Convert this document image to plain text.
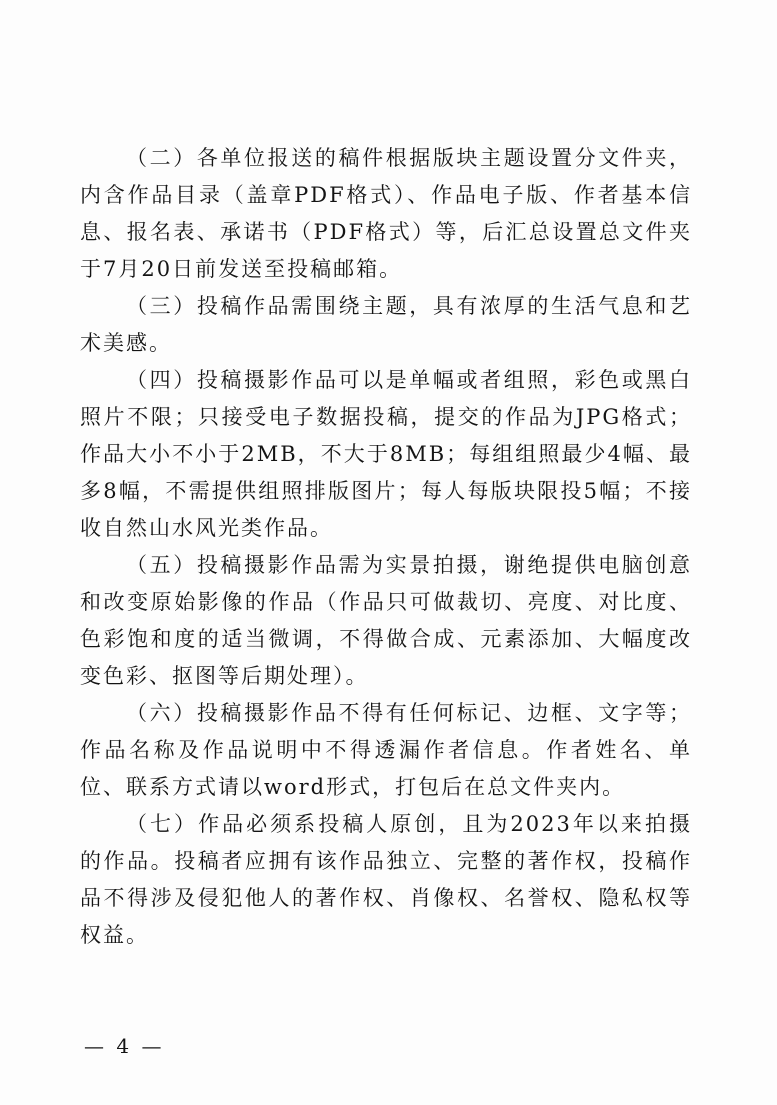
（二）各单位报送的稿件根据版块主题设置分文件夹，内含作品目录（盖章PDF格式）、作品电子版、作者基本信息、报名表、承诺书（PDF格式）等，后汇总设置总文件夹于7月20日前发送至投稿邮箱。

（三）投稿作品需围绕主题，具有浓厚的生活气息和艺术美感。

（四）投稿摄影作品可以是单幅或者组照，彩色或黑白照片不限；只接受电子数据投稿，提交的作品为JPG格式；作品大小不小于2MB，不大于8MB；每组组照最少4幅、最多8幅，不需提供组照排版图片；每人每版块限投5幅；不接收自然山水风光类作品。

（五）投稿摄影作品需为实景拍摄，谢绝提供电脑创意和改变原始影像的作品（作品只可做裁切、亮度、对比度、色彩饱和度的适当微调，不得做合成、元素添加、大幅度改变色彩、抠图等后期处理）。

（六）投稿摄影作品不得有任何标记、边框、文字等；作品名称及作品说明中不得透漏作者信息。作者姓名、单位、联系方式请以word形式，打包后在总文件夹内。

（七）作品必须系投稿人原创，且为2023年以来拍摄的作品。投稿者应拥有该作品独立、完整的著作权，投稿作品不得涉及侵犯他人的著作权、肖像权、名誉权、隐私权等权益。

— 4 —
